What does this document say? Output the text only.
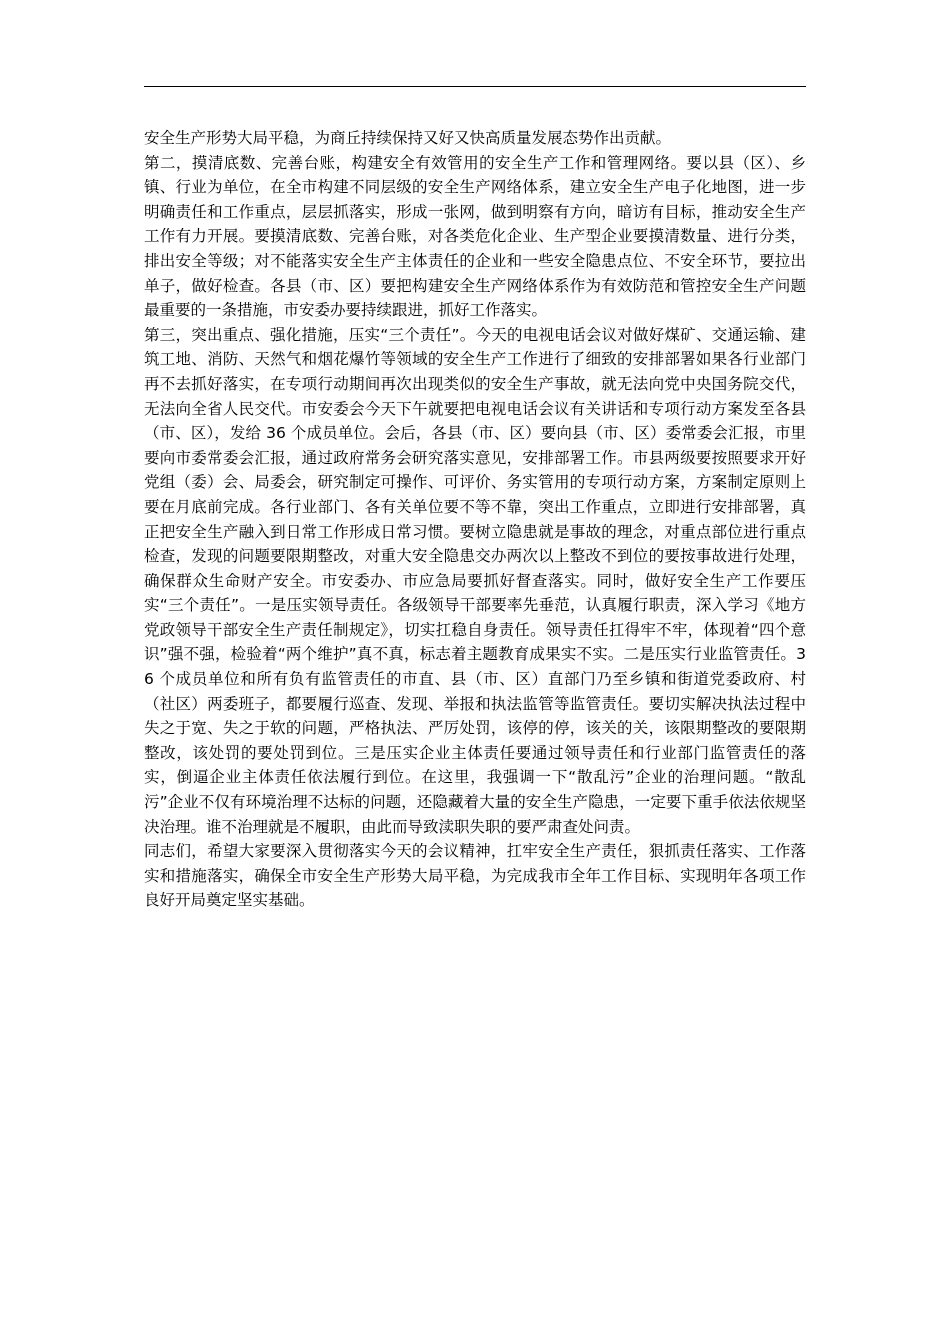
安全生产形势大局平稳，为商丘持续保持又好又快高质量发展态势作出贡献。

第二，摸清底数、完善台账，构建安全有效管用的安全生产工作和管理网络。要以县（区）、乡镇、行业为单位，在全市构建不同层级的安全生产网络体系，建立安全生产电子化地图，进一步明确责任和工作重点，层层抓落实，形成一张网，做到明察有方向，暗访有目标，推动安全生产工作有力开展。要摸清底数、完善台账，对各类危化企业、生产型企业要摸清数量、进行分类，排出安全等级；对不能落实安全生产主体责任的企业和一些安全隐患点位、不安全环节，要拉出单子，做好检查。各县（市、区）要把构建安全生产网络体系作为有效防范和管控安全生产问题最重要的一条措施，市安委办要持续跟进，抓好工作落实。

第三，突出重点、强化措施，压实“三个责任”。今天的电视电话会议对做好煤矿、交通运输、建筑工地、消防、天然气和烟花爆竹等领域的安全生产工作进行了细致的安排部署如果各行业部门再不去抓好落实，在专项行动期间再次出现类似的安全生产事故，就无法向党中央国务院交代，无法向全省人民交代。市安委会今天下午就要把电视电话会议有关讲话和专项行动方案发至各县（市、区），发给 36 个成员单位。会后，各县（市、区）要向县（市、区）委常委会汇报，市里要向市委常委会汇报，通过政府常务会研究落实意见，安排部署工作。市县两级要按照要求开好党组（委）会、局委会，研究制定可操作、可评价、务实管用的专项行动方案，方案制定原则上要在月底前完成。各行业部门、各有关单位要不等不靠，突出工作重点，立即进行安排部署，真正把安全生产融入到日常工作形成日常习惯。要树立隐患就是事故的理念，对重点部位进行重点检查，发现的问题要限期整改，对重大安全隐患交办两次以上整改不到位的要按事故进行处理，确保群众生命财产安全。市安委办、市应急局要抓好督查落实。同时，做好安全生产工作要压实“三个责任”。一是压实领导责任。各级领导干部要率先垂范，认真履行职责，深入学习《地方党政领导干部安全生产责任制规定》，切实扛稳自身责任。领导责任扛得牢不牢，体现着“四个意识”强不强，检验着“两个维护”真不真，标志着主题教育成果实不实。二是压实行业监管责任。36 个成员单位和所有负有监管责任的市直、县（市、区）直部门乃至乡镇和街道党委政府、村（社区）两委班子，都要履行巡查、发现、举报和执法监管等监管责任。要切实解决执法过程中失之于宽、失之于软的问题，严格执法、严厉处罚，该停的停，该关的关，该限期整改的要限期整改，该处罚的要处罚到位。三是压实企业主体责任要通过领导责任和行业部门监管责任的落实，倒逼企业主体责任依法履行到位。在这里，我强调一下“散乱污”企业的治理问题。“散乱污”企业不仅有环境治理不达标的问题，还隐藏着大量的安全生产隐患，一定要下重手依法依规坚决治理。谁不治理就是不履职，由此而导致渎职失职的要严肃查处问责。

同志们，希望大家要深入贯彻落实今天的会议精神，扛牢安全生产责任，狠抓责任落实、工作落实和措施落实，确保全市安全生产形势大局平稳，为完成我市全年工作目标、实现明年各项工作良好开局奠定坚实基础。
